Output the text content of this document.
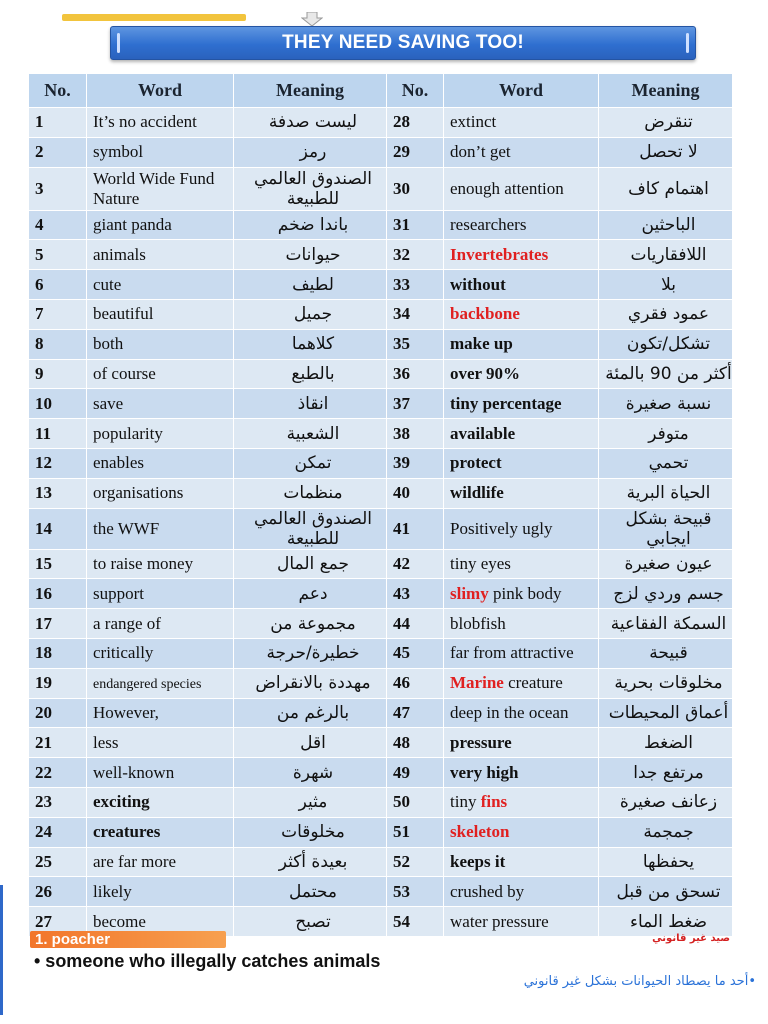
THEY NEED SAVING TOO!
No.	Word	Meaning	No.	Word	Meaning
1	It’s no accident	ليست صدفة	28	extinct	تنقرض
2	symbol	رمز	29	don’t get	لا تحصل
3	World Wide Fund Nature	الصندوق العالمي للطبيعة	30	enough attention	اهتمام كاف
4	giant panda	باندا ضخم	31	researchers	الباحثين
5	animals	حيوانات	32	Invertebrates	اللافقاريات
6	cute	لطيف	33	without	بلا
7	beautiful	جميل	34	backbone	عمود فقري
8	both	كلاهما	35	make up	تشكل/تكون
9	of course	بالطبع	36	over 90%	أكثر من 90 بالمئة
10	save	انقاذ	37	tiny percentage	نسبة صغيرة
11	popularity	الشعبية	38	available	متوفر
12	enables	تمكن	39	protect	تحمي
13	organisations	منظمات	40	wildlife	الحياة البرية
14	the WWF	الصندوق العالمي للطبيعة	41	Positively ugly	قبيحة بشكل ايجابي
15	to raise money	جمع المال	42	tiny eyes	عيون صغيرة
16	support	دعم	43	slimy pink body	جسم وردي لزج
17	a range of	مجموعة من	44	blobfish	السمكة الفقاعية
18	critically	خطيرة/حرجة	45	far from attractive	قبيحة
19	endangered species	مهددة بالانقراض	46	Marine creature	مخلوقات بحرية
20	However,	بالرغم من	47	deep in the ocean	أعماق المحيطات
21	less	اقل	48	pressure	الضغط
22	well-known	شهرة	49	very high	مرتفع جدا
23	exciting	مثير	50	tiny fins	زعانف صغيرة
24	creatures	مخلوقات	51	skeleton	جمجمة
25	are far more	بعيدة أكثر	52	keeps it	يحفظها
26	likely	محتمل	53	crushed by	تسحق من قبل
27	become	تصبح	54	water pressure	ضغط الماء
1. poacher	صيد غير قانوني
• someone who illegally catches animals
•أحد ما يصطاد الحيوانات بشكل غير قانوني
